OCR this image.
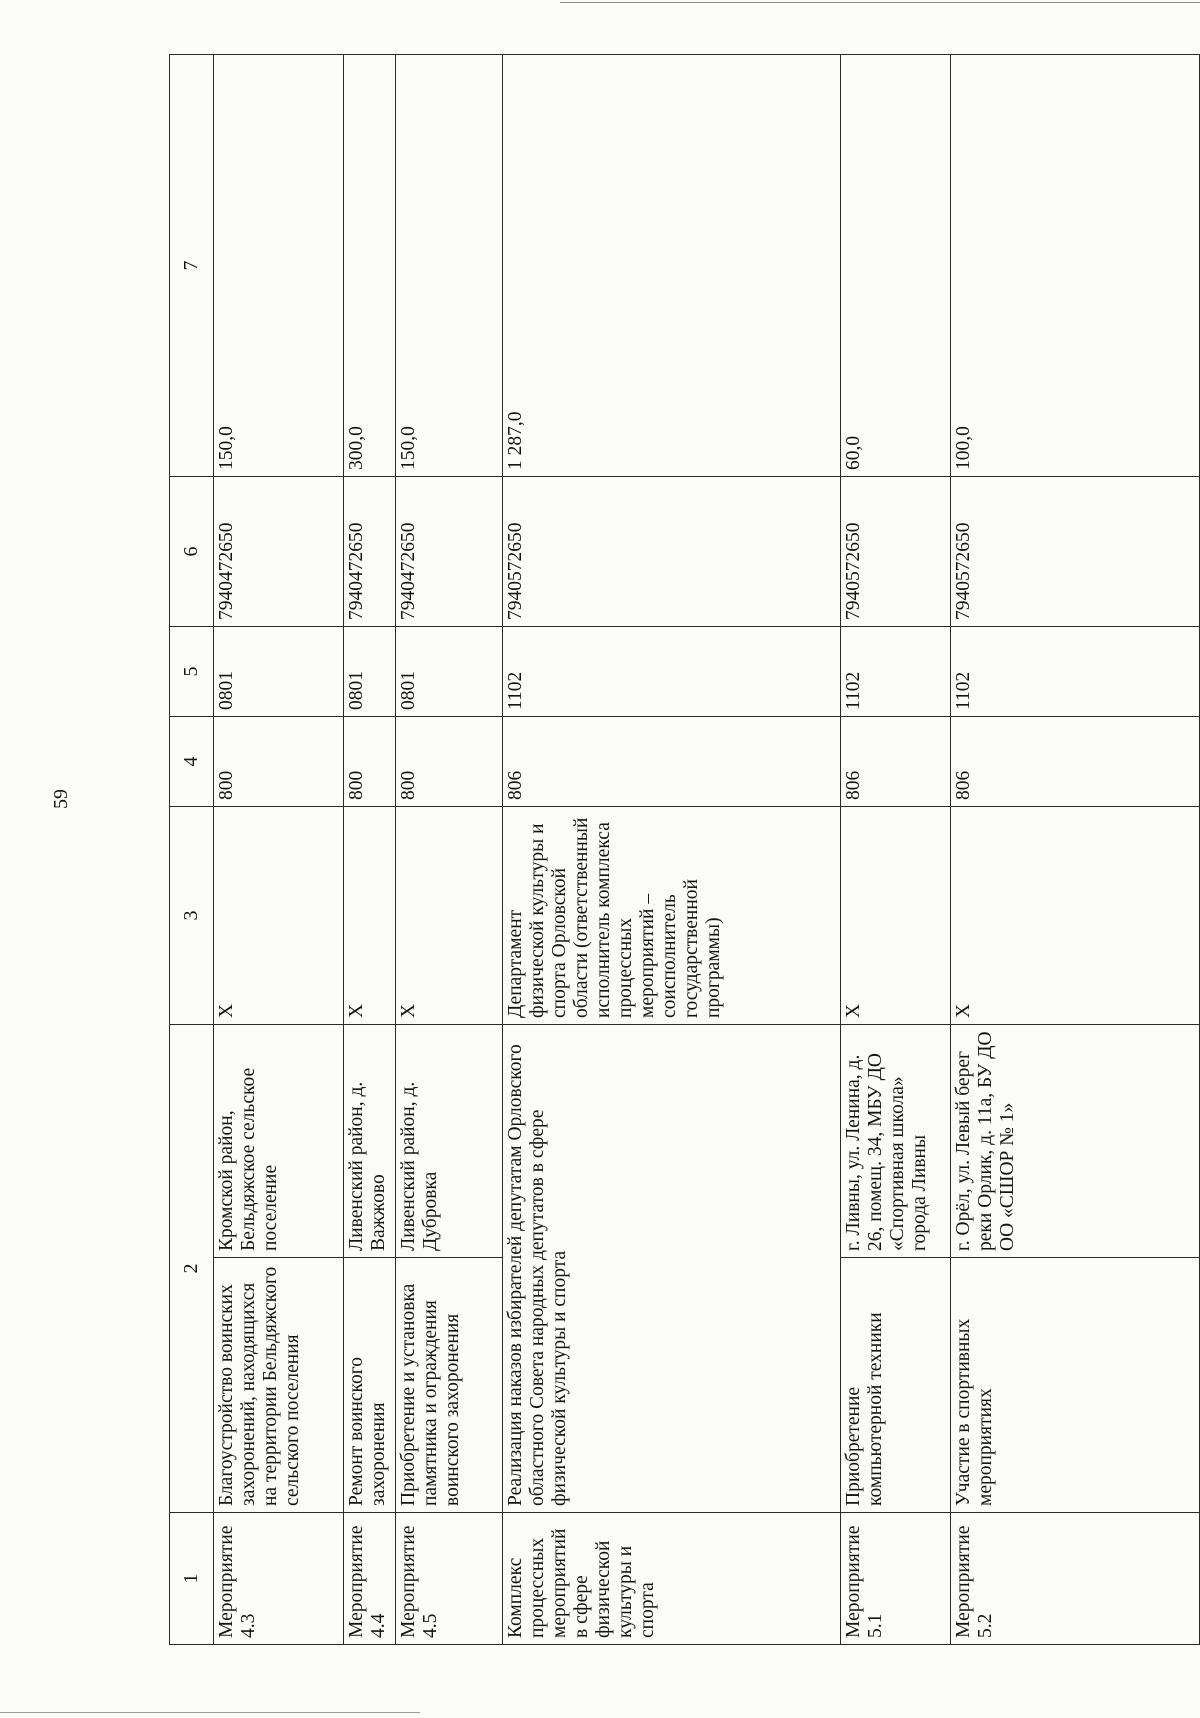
59
1	2		3	4	5	6	7
Мероприятие 4.3	Благоустройство воинских захоронений, находящихся на территории Бельдяжского сельского поселения	Кромской район, Бельдяжское сельское поселение	X	800	0801	7940472650	150,0
Мероприятие 4.4	Ремонт воинского захоронения	Ливенский район, д. Важжово	X	800	0801	7940472650	300,0
Мероприятие 4.5	Приобретение и установка памятника и ограждения воинского захоронения	Ливенский район, д. Дубровка	X	800	0801	7940472650	150,0
Комплекс процессных мероприятий в сфере физической культуры и спорта	Реализация наказов избирателей депутатам Орловского областного Совета народных депутатов в сфере физической культуры и спорта		Департамент физической культуры и спорта Орловской области (ответственный исполнитель комплекса процессных мероприятий – соисполнитель государственной программы)	806	1102	7940572650	1 287,0
Мероприятие 5.1	Приобретение компьютерной техники	г. Ливны, ул. Ленина, д. 26, помещ. 34, МБУ ДО «Спортивная школа» города Ливны	X	806	1102	7940572650	60,0
Мероприятие 5.2	Участие в спортивных мероприятиях	г. Орёл, ул. Левый берег реки Орлик, д. 11а, БУ ДО ОО «СШОР № 1»	X	806	1102	7940572650	100,0
